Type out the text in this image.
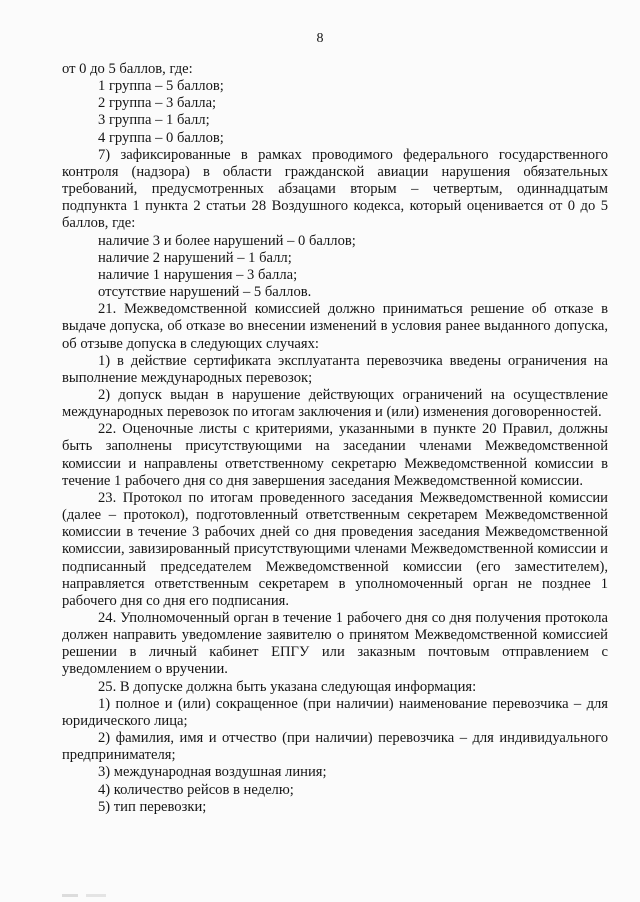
8

от 0 до 5 баллов, где:

1 группа – 5 баллов;

2 группа – 3 балла;

3 группа – 1 балл;

4 группа – 0 баллов;

7) зафиксированные в рамках проводимого федерального государственного контроля (надзора) в области гражданской авиации нарушения обязательных требований, предусмотренных абзацами вторым – четвертым, одиннадцатым подпункта 1 пункта 2 статьи 28 Воздушного кодекса, который оценивается от 0 до 5 баллов, где:

наличие 3 и более нарушений – 0 баллов;

наличие 2 нарушений – 1 балл;

наличие 1 нарушения – 3 балла;

отсутствие нарушений – 5 баллов.

21. Межведомственной комиссией должно приниматься решение об отказе в выдаче допуска, об отказе во внесении изменений в условия ранее выданного допуска, об отзыве допуска в следующих случаях:

1) в действие сертификата эксплуатанта перевозчика введены ограничения на выполнение международных перевозок;

2) допуск выдан в нарушение действующих ограничений на осуществление международных перевозок по итогам заключения и (или) изменения договоренностей.

22. Оценочные листы с критериями, указанными в пункте 20 Правил, должны быть заполнены присутствующими на заседании членами Межведомственной комиссии и направлены ответственному секретарю Межведомственной комиссии в течение 1 рабочего дня со дня завершения заседания Межведомственной комиссии.

23. Протокол по итогам проведенного заседания Межведомственной комиссии (далее – протокол), подготовленный ответственным секретарем Межведомственной комиссии в течение 3 рабочих дней со дня проведения заседания Межведомственной комиссии, завизированный присутствующими членами Межведомственной комиссии и подписанный председателем Межведомственной комиссии (его заместителем), направляется ответственным секретарем в уполномоченный орган не позднее 1 рабочего дня со дня его подписания.

24. Уполномоченный орган в течение 1 рабочего дня со дня получения протокола должен направить уведомление заявителю о принятом Межведомственной комиссией решении в личный кабинет ЕПГУ или заказным почтовым отправлением с уведомлением о вручении.

25. В допуске должна быть указана следующая информация:

1) полное и (или) сокращенное (при наличии) наименование перевозчика – для юридического лица;

2) фамилия, имя и отчество (при наличии) перевозчика – для индивидуального предпринимателя;

3) международная воздушная линия;

4) количество рейсов в неделю;

5) тип перевозки;
